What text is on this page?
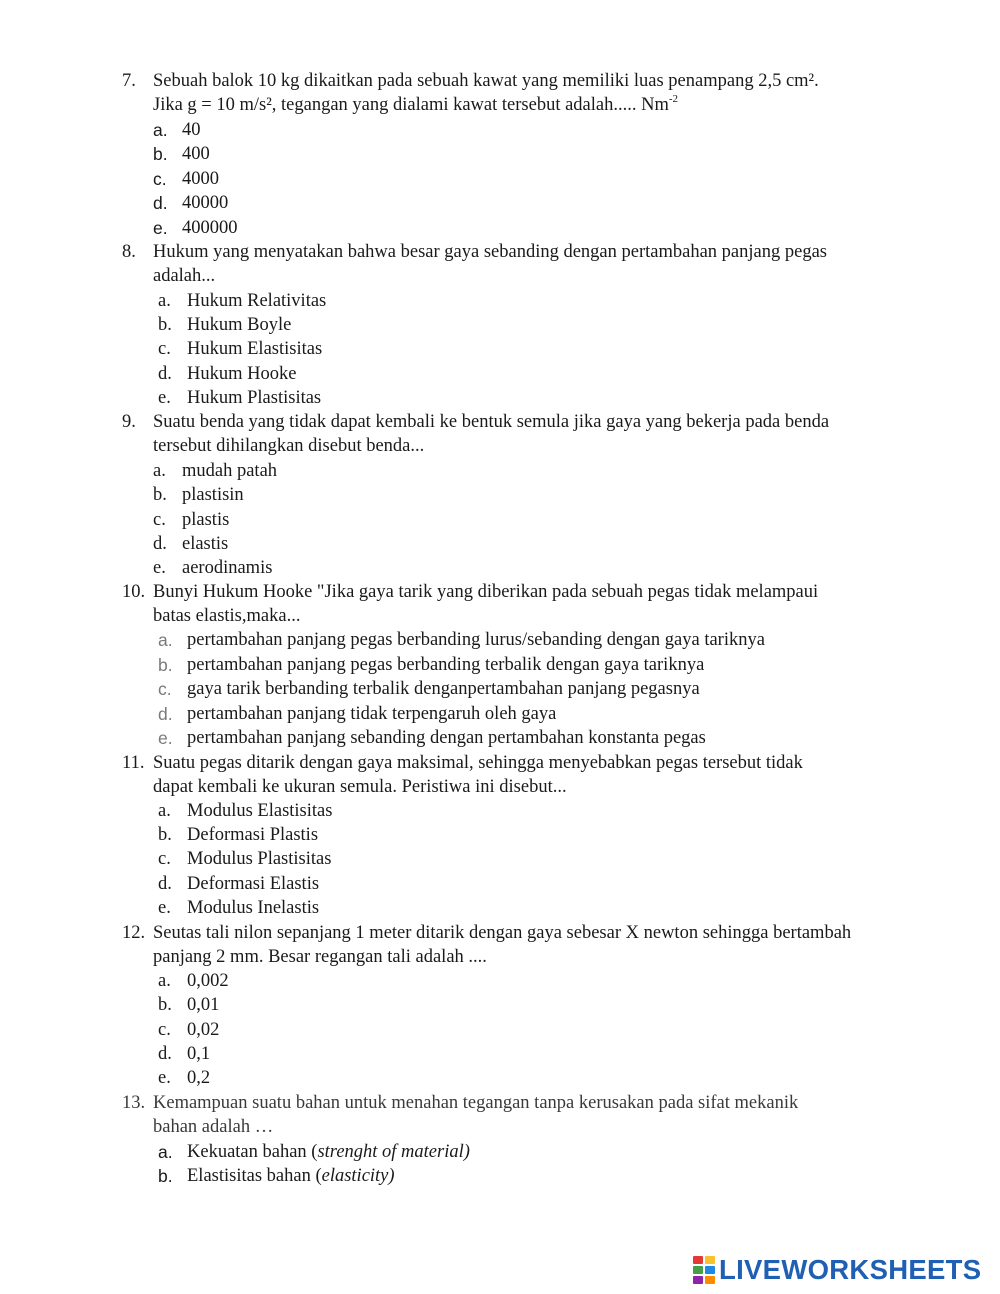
7. Sebuah balok 10 kg dikaitkan pada sebuah kawat yang memiliki luas penampang 2,5 cm².
Jika g = 10 m/s², tegangan yang dialami kawat tersebut adalah..... $Nm^{-2}$
a. 40
b. 400
c. 4000
d. 40000
e. 400000
8. Hukum yang menyatakan bahwa besar gaya sebanding dengan pertambahan panjang pegas
adalah...
a. Hukum Relativitas
b. Hukum Boyle
c. Hukum Elastisitas
d. Hukum Hooke
e. Hukum Plastisitas
9. Suatu benda yang tidak dapat kembali ke bentuk semula jika gaya yang bekerja pada benda
tersebut dihilangkan disebut benda...
a. mudah patah
b. plastisin
c. plastis
d. elastis
e. aerodinamis
10. Bunyi Hukum Hooke "Jika gaya tarik yang diberikan pada sebuah pegas tidak melampaui
batas elastis,maka...
a. pertambahan panjang pegas berbanding lurus/sebanding dengan gaya tariknya
b. pertambahan panjang pegas berbanding terbalik dengan gaya tariknya
c. gaya tarik berbanding terbalik denganpertambahan panjang pegasnya
d. pertambahan panjang tidak terpengaruh oleh gaya
e. pertambahan panjang sebanding dengan pertambahan konstanta pegas
11. Suatu pegas ditarik dengan gaya maksimal, sehingga menyebabkan pegas tersebut tidak
dapat kembali ke ukuran semula. Peristiwa ini disebut...
a. Modulus Elastisitas
b. Deformasi Plastis
c. Modulus Plastisitas
d. Deformasi Elastis
e. Modulus Inelastis
12. Seutas tali nilon sepanjang 1 meter ditarik dengan gaya sebesar X newton sehingga bertambah
panjang 2 mm. Besar regangan tali adalah ....
a. 0,002
b. 0,01
c. 0,02
d. 0,1
e. 0,2
13. Kemampuan suatu bahan untuk menahan tegangan tanpa kerusakan pada sifat mekanik
bahan adalah …
a. Kekuatan bahan (strenght of material)
b. Elastisitas bahan (elasticity)
LIVEWORKSHEETS
